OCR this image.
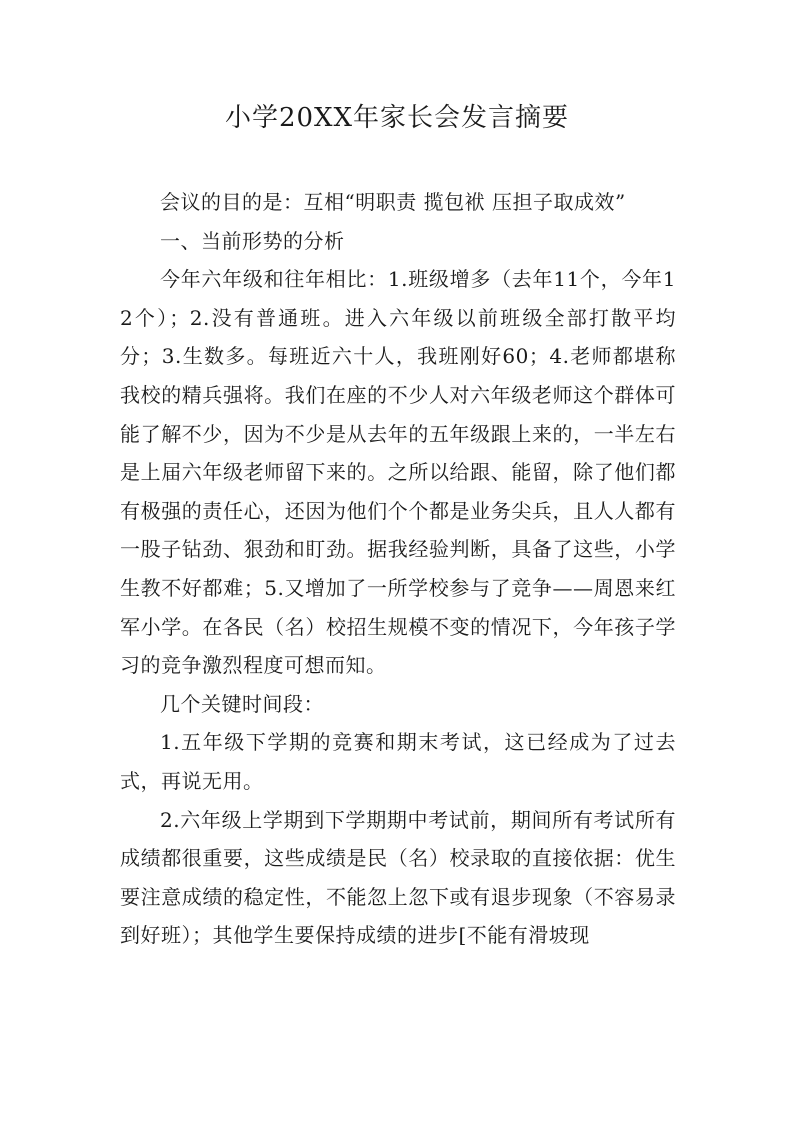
小学20XX年家长会发言摘要

会议的目的是：互相“明职责 揽包袱 压担子取成效”

一、当前形势的分析

今年六年级和往年相比：1.班级增多（去年11个，今年12个）；2.没有普通班。进入六年级以前班级全部打散平均分；3.生数多。每班近六十人，我班刚好60；4.老师都堪称我校的精兵强将。我们在座的不少人对六年级老师这个群体可能了解不少，因为不少是从去年的五年级跟上来的，一半左右是上届六年级老师留下来的。之所以给跟、能留，除了他们都有极强的责任心，还因为他们个个都是业务尖兵，且人人都有一股子钻劲、狠劲和盯劲。据我经验判断，具备了这些，小学生教不好都难；5.又增加了一所学校参与了竞争——周恩来红军小学。在各民（名）校招生规模不变的情况下，今年孩子学习的竞争激烈程度可想而知。

几个关键时间段：

1.五年级下学期的竞赛和期末考试，这已经成为了过去式，再说无用。

2.六年级上学期到下学期期中考试前，期间所有考试所有成绩都很重要，这些成绩是民（名）校录取的直接依据：优生要注意成绩的稳定性，不能忽上忽下或有退步现象（不容易录到好班）；其他学生要保持成绩的进步[不能有滑坡现
